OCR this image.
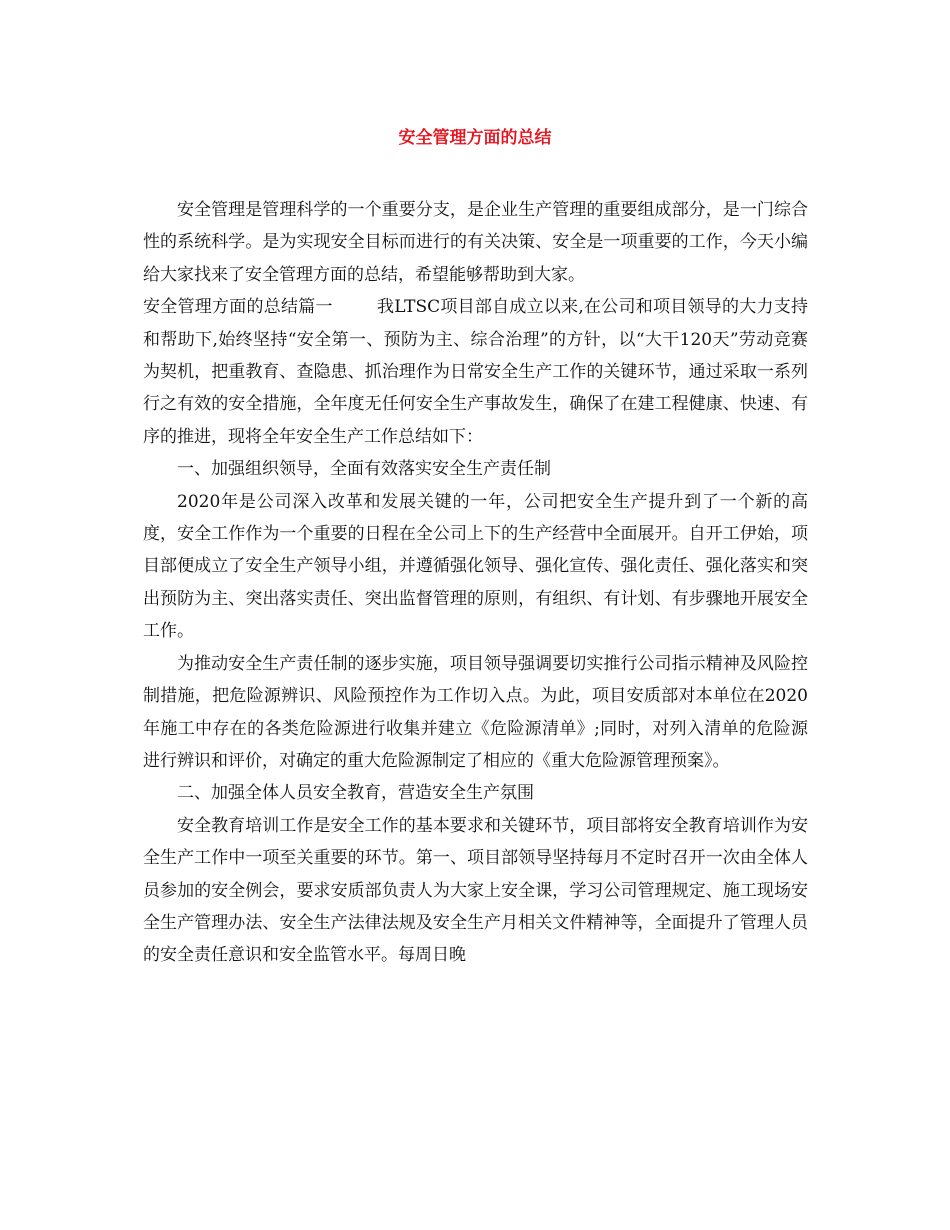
安全管理方面的总结

安全管理是管理科学的一个重要分支，是企业生产管理的重要组成部分，是一门综合性的系统科学。是为实现安全目标而进行的有关决策、安全是一项重要的工作，今天小编给大家找来了安全管理方面的总结，希望能够帮助到大家。

安全管理方面的总结篇一	我LTSC项目部自成立以来,在公司和项目领导的大力支持和帮助下,始终坚持“安全第一、预防为主、综合治理”的方针，以“大干120天”劳动竞赛为契机，把重教育、查隐患、抓治理作为日常安全生产工作的关键环节，通过采取一系列行之有效的安全措施，全年度无任何安全生产事故发生，确保了在建工程健康、快速、有序的推进，现将全年安全生产工作总结如下：

一、加强组织领导，全面有效落实安全生产责任制

2020年是公司深入改革和发展关键的一年，公司把安全生产提升到了一个新的高度，安全工作作为一个重要的日程在全公司上下的生产经营中全面展开。自开工伊始，项目部便成立了安全生产领导小组，并遵循强化领导、强化宣传、强化责任、强化落实和突出预防为主、突出落实责任、突出监督管理的原则，有组织、有计划、有步骤地开展安全工作。

为推动安全生产责任制的逐步实施，项目领导强调要切实推行公司指示精神及风险控制措施，把危险源辨识、风险预控作为工作切入点。为此，项目安质部对本单位在2020年施工中存在的各类危险源进行收集并建立《危险源清单》;同时，对列入清单的危险源进行辨识和评价，对确定的重大危险源制定了相应的《重大危险源管理预案》。

二、加强全体人员安全教育，营造安全生产氛围

安全教育培训工作是安全工作的基本要求和关键环节，项目部将安全教育培训作为安全生产工作中一项至关重要的环节。第一、项目部领导坚持每月不定时召开一次由全体人员参加的安全例会，要求安质部负责人为大家上安全课，学习公司管理规定、施工现场安全生产管理办法、安全生产法律法规及安全生产月相关文件精神等，全面提升了管理人员的安全责任意识和安全监管水平。每周日晚
